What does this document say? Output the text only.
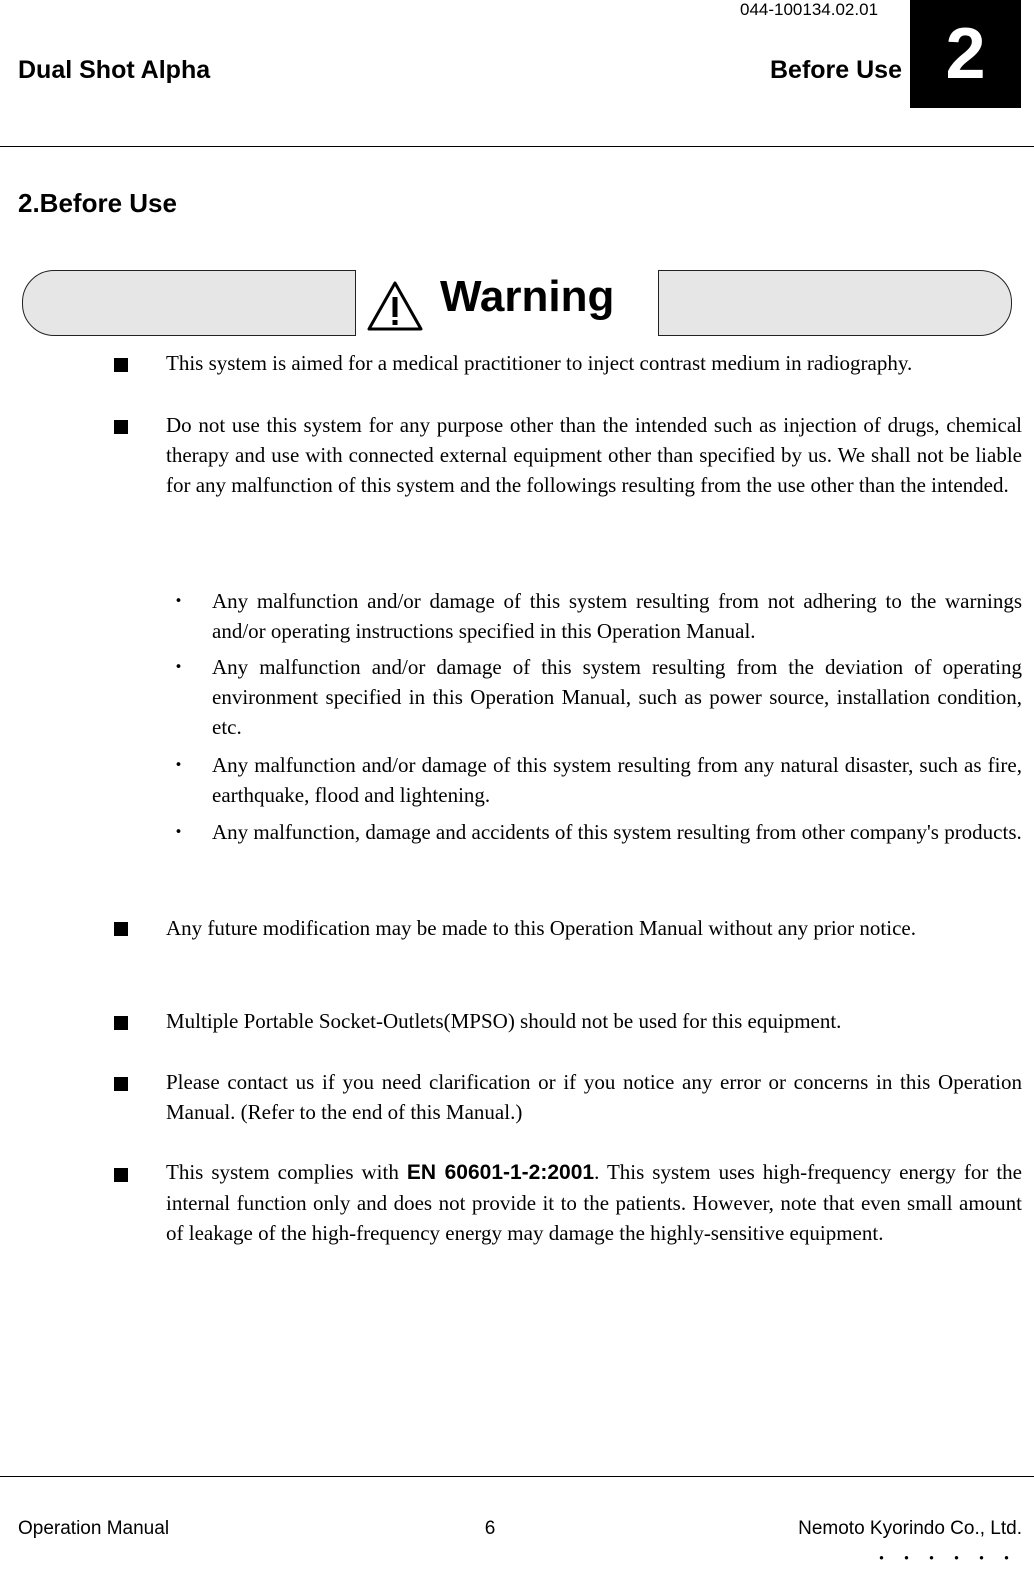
044-100134.02.01
Dual Shot Alpha	Before Use 2
2.Before Use
Warning
This system is aimed for a medical practitioner to inject contrast medium in radiography.
Do not use this system for any purpose other than the intended such as injection of drugs, chemical therapy and use with connected external equipment other than specified by us. We shall not be liable for any malfunction of this system and the followings resulting from the use other than the intended.
・ Any malfunction and/or damage of this system resulting from not adhering to the warnings and/or operating instructions specified in this Operation Manual.
・ Any malfunction and/or damage of this system resulting from the deviation of operating environment specified in this Operation Manual, such as power source, installation condition, etc.
・ Any malfunction and/or damage of this system resulting from any natural disaster, such as fire, earthquake, flood and lightening.
・ Any malfunction, damage and accidents of this system resulting from other company's products.
Any future modification may be made to this Operation Manual without any prior notice.
Multiple Portable Socket-Outlets(MPSO) should not be used for this equipment.
Please contact us if you need clarification or if you notice any error or concerns in this Operation Manual. (Refer to the end of this Manual.)
This system complies with EN 60601-1-2:2001. This system uses high-frequency energy for the internal function only and does not provide it to the patients. However, note that even small amount of leakage of the high-frequency energy may damage the highly-sensitive equipment.
Operation Manual	6	Nemoto Kyorindo Co., Ltd.
・・・・・・
